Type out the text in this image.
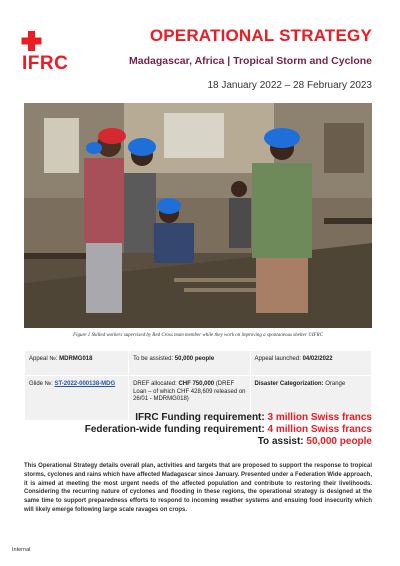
IFRC
OPERATIONAL STRATEGY
Madagascar, Africa | Tropical Storm and Cyclone
18 January 2022 – 28 February 2023
Figure 1 Skilled workers supervised by Red Cross team member while they work on improving a spontaneous shelter ©IFRC
Appeal №: MDRMG018	To be assisted: 50,000 people	Appeal launched: 04/02/2022
Glide №: ST-2022-000138-MDG	DREF allocated: CHF 750,000 (DREF Loan – of which CHF 428,609 released on 26/01 - MDRMG018)	Disaster Categorization: Orange
IFRC Funding requirement: 3 million Swiss francs
Federation-wide funding requirement: 4 million Swiss francs
To assist: 50,000 people
This Operational Strategy details overall plan, activities and targets that are proposed to support the response to tropical storms, cyclones and rains which have affected Madagascar since January. Presented under a Federation Wide approach, it is aimed at meeting the most urgent needs of the affected population and contribute to restoring their livelihoods. Considering the recurring nature of cyclones and flooding in these regions, the operational strategy is designed at the same time to support preparedness efforts to respond to incoming weather systems and ensuing food insecurity which will likely emerge following large scale ravages on crops.
Internal
